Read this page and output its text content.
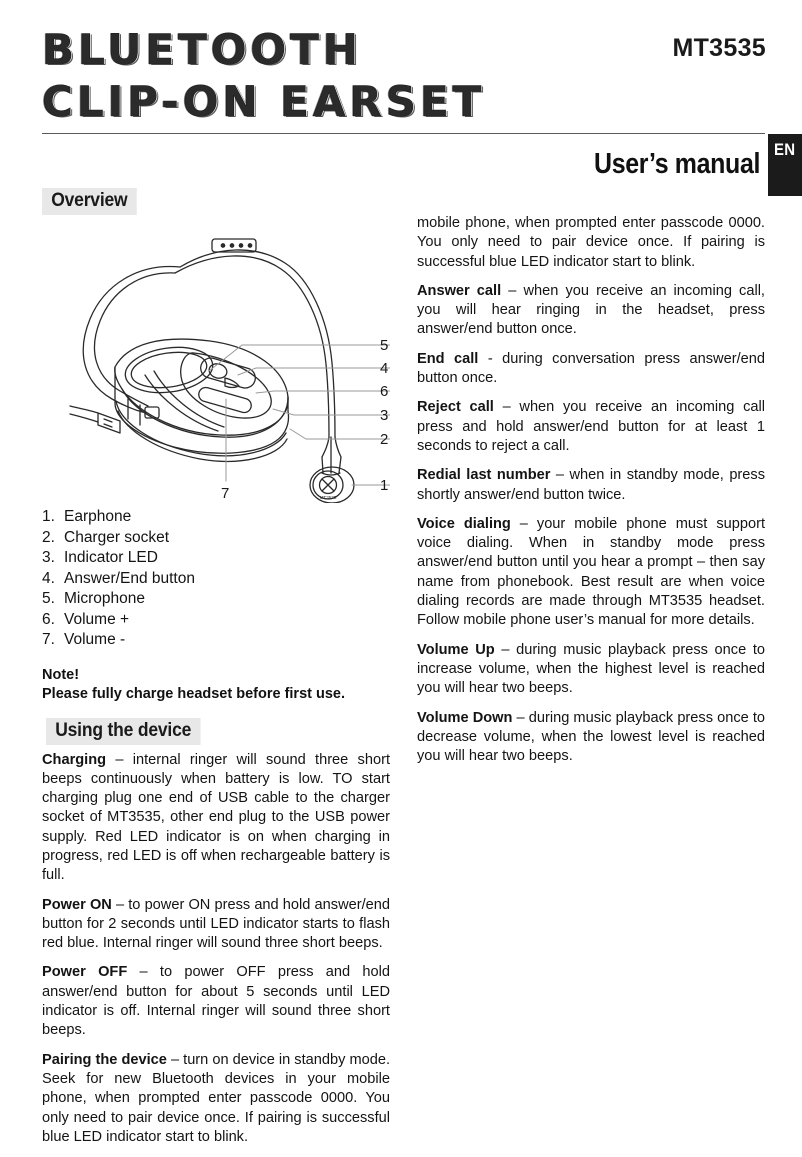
BLUETOOTH
CLIP-ON EARSET
MT3535
User’s manual EN
Overview
MT3535
5
4
6
3
2
1
7
1. Earphone
2. Charger socket
3. Indicator LED
4. Answer/End button
5. Microphone
6. Volume +
7. Volume -
Note!
Please fully charge headset before first use.
Using the device

Charging – internal ringer will sound three short beeps continuously when battery is low. TO start charging plug one end of USB cable to the charger socket of MT3535, other end plug to the USB power supply. Red LED indicator is on when charging in progress, red LED is off when rechargeable battery is full.

Power ON – to power ON press and hold answer/end button for 2 seconds until LED indicator starts to flash red blue. Internal ringer will sound three short beeps.

Power OFF – to power OFF press and hold answer/end button for about 5 seconds until LED indicator is off. Internal ringer will sound three short beeps.

Pairing the device – turn on device in standby mode. Seek for new Bluetooth devices in your mobile phone, when prompted enter passcode 0000. You only need to pair device once. If pairing is successful blue LED indicator start to blink.

mobile phone, when prompted enter passcode 0000. You only need to pair device once. If pairing is successful blue LED indicator start to blink.

Answer call – when you receive an incoming call, you will hear ringing in the headset, press answer/end button once.

End call - during conversation press answer/end button once.

Reject call – when you receive an incoming call press and hold answer/end button for at least 1 seconds to reject a call.

Redial last number – when in standby mode, press shortly answer/end button twice.

Voice dialing – your mobile phone must support voice dialing. When in standby mode press answer/end button until you hear a prompt – then say name from phonebook. Best result are when voice dialing records are made through MT3535 headset. Follow mobile phone user’s manual for more details.

Volume Up – during music playback press once to increase volume, when the highest level is reached you will hear two beeps.

Volume Down – during music playback press once to decrease volume, when the lowest level is reached you will hear two beeps.
